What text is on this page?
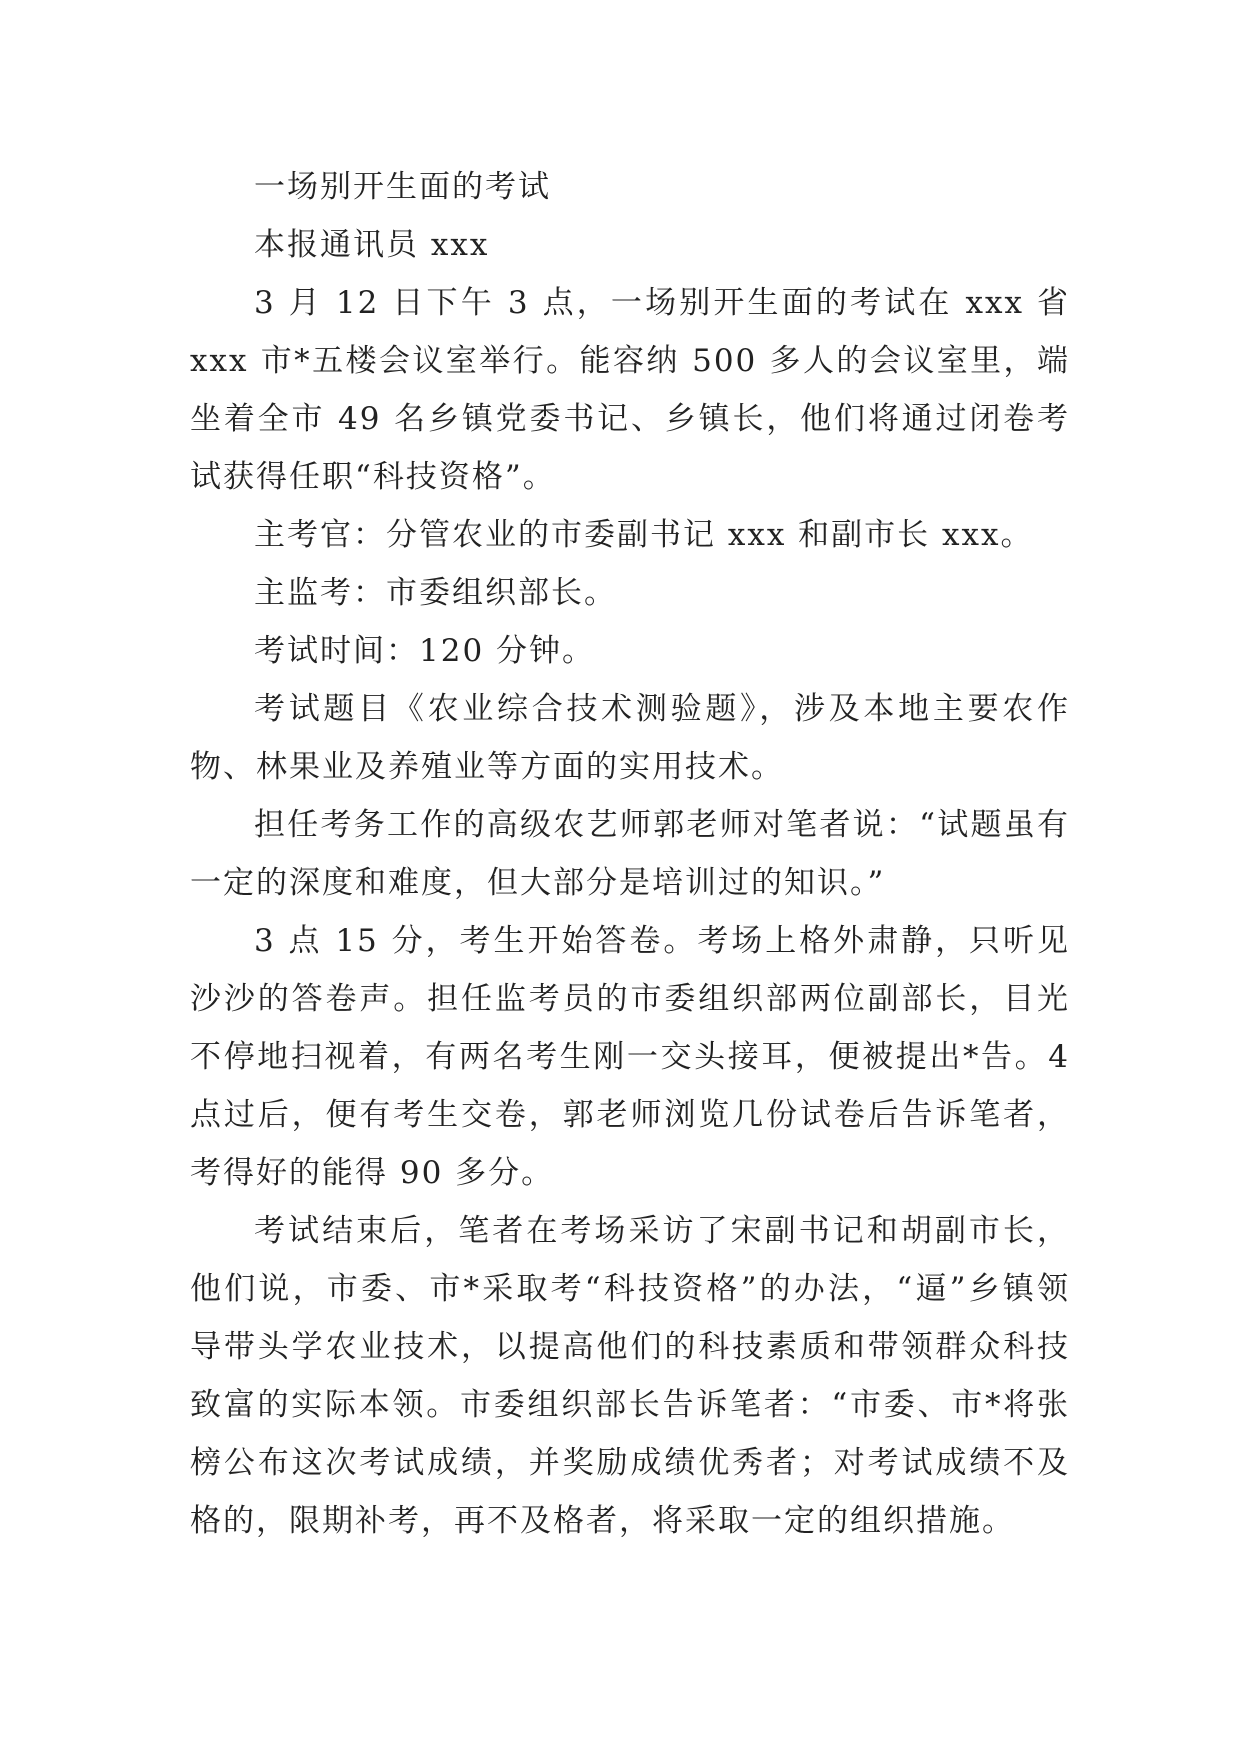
一场别开生面的考试

本报通讯员 xxx

3 月 12 日下午 3 点，一场别开生面的考试在 xxx 省 xxx 市*五楼会议室举行。能容纳 500 多人的会议室里，端坐着全市 49 名乡镇党委书记、乡镇长，他们将通过闭卷考试获得任职“科技资格”。

主考官：分管农业的市委副书记 xxx 和副市长 xxx。

主监考：市委组织部长。

考试时间：120 分钟。

考试题目《农业综合技术测验题》，涉及本地主要农作物、林果业及养殖业等方面的实用技术。

担任考务工作的高级农艺师郭老师对笔者说：“试题虽有一定的深度和难度，但大部分是培训过的知识。”

3 点 15 分，考生开始答卷。考场上格外肃静，只听见沙沙的答卷声。担任监考员的市委组织部两位副部长，目光不停地扫视着，有两名考生刚一交头接耳，便被提出*告。4 点过后，便有考生交卷，郭老师浏览几份试卷后告诉笔者，考得好的能得 90 多分。

考试结束后，笔者在考场采访了宋副书记和胡副市长，他们说，市委、市*采取考“科技资格”的办法，“逼”乡镇领导带头学农业技术，以提高他们的科技素质和带领群众科技致富的实际本领。市委组织部长告诉笔者：“市委、市*将张榜公布这次考试成绩，并奖励成绩优秀者；对考试成绩不及格的，限期补考，再不及格者，将采取一定的组织措施。
